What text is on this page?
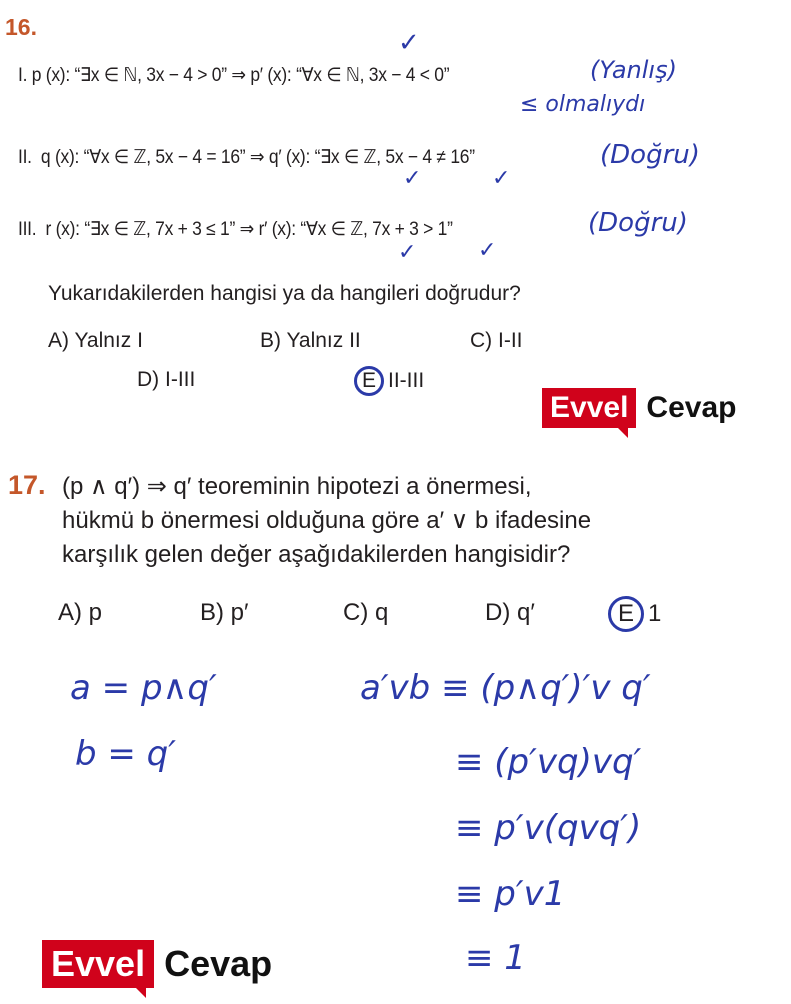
16.
I. p (x): “∃x ∈ ℕ, 3x − 4 > 0” ⇒ p′ (x): “∀x ∈ ℕ, 3x − 4 < 0”	(Yanlış)
≤ olmalıydı
✓
II. q (x): “∀x ∈ ℤ, 5x − 4 = 16” ⇒ q′ (x): “∃x ∈ ℤ, 5x − 4 ≠ 16”	(Doğru)
✓	✓
III. r (x): “∃x ∈ ℤ, 7x + 3 ≤ 1” ⇒ r′ (x): “∀x ∈ ℤ, 7x + 3 > 1”	(Doğru)
✓	✓
Yukarıdakilerden hangisi ya da hangileri doğrudur?
A) Yalnız I	B) Yalnız II	C) I-II
D) I-III	E II-III
Evvel Cevap
17. (p ∧ q′) ⇒ q′ teoreminin hipotezi a önermesi,
hükmü b önermesi olduğuna göre a′ ∨ b ifadesine
karşılık gelen değer aşağıdakilerden hangisidir?
A) p	B) p′	C) q	D) q′	E 1
a = p∧q′
b = q′
a′vb ≡ (p∧q′)′v q′
≡ (p′vq)vq′
≡ p′v(qvq′)
≡ p′v1
≡ 1
Evvel Cevap
